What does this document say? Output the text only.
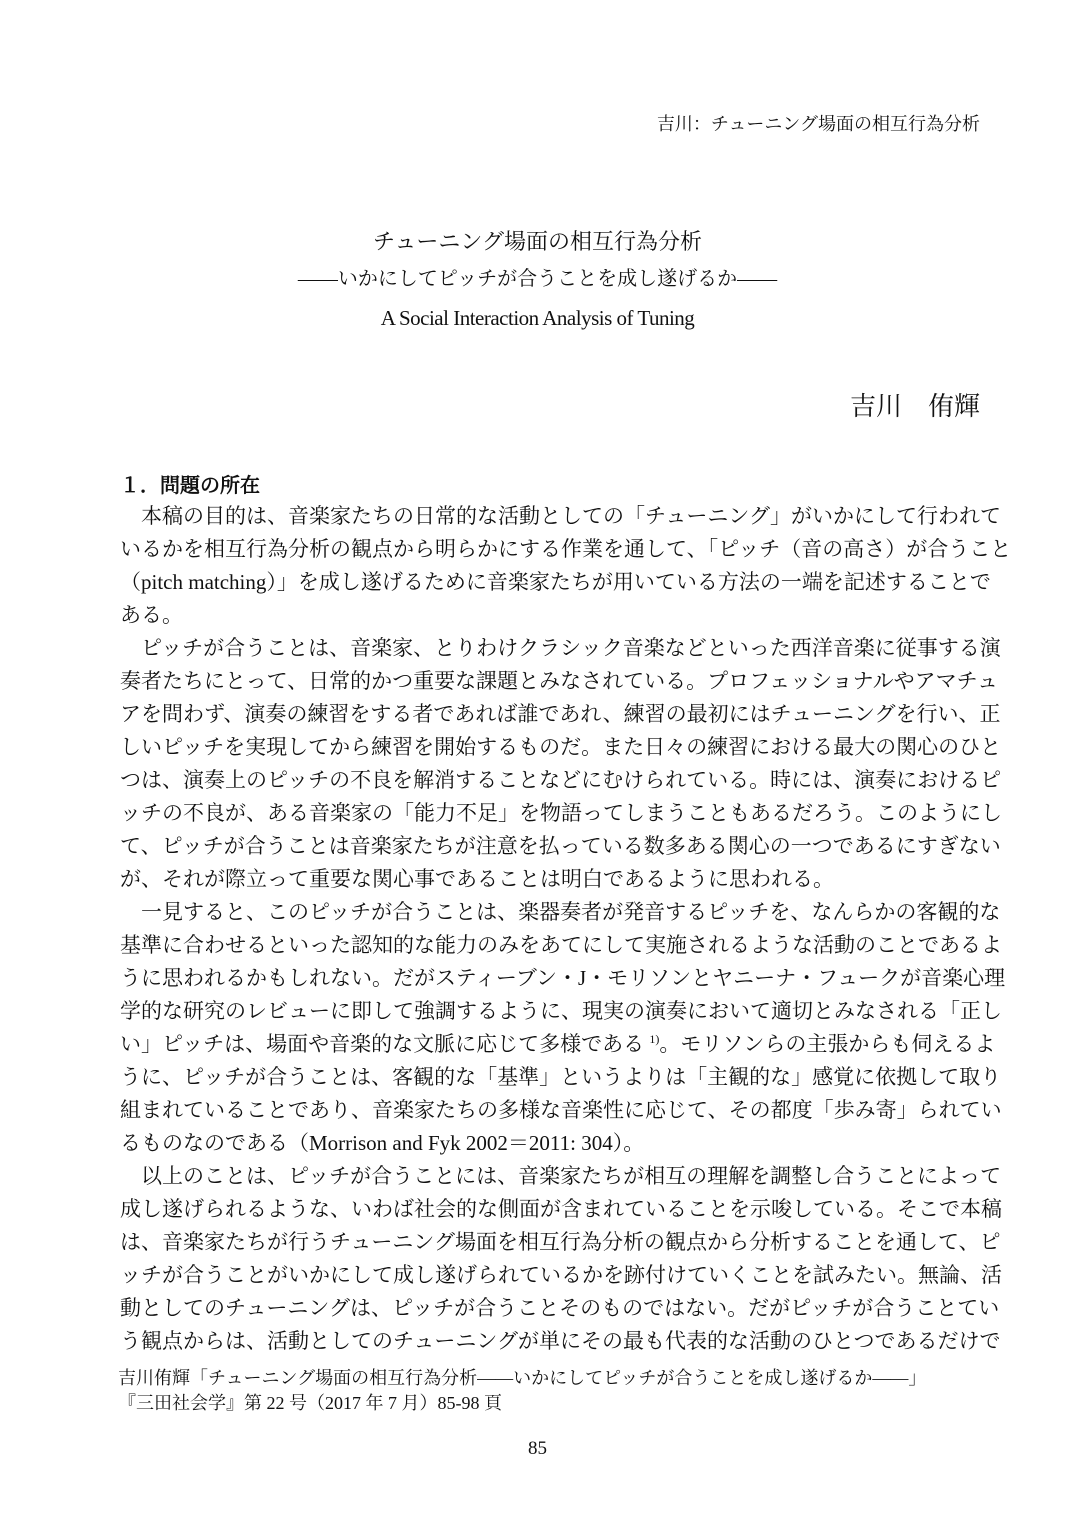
吉川：チューニング場面の相互行為分析
チューニング場面の相互行為分析
――いかにしてピッチが合うことを成し遂げるか――
A Social Interaction Analysis of Tuning
吉川　侑輝
１．問題の所在
　本稿の目的は、音楽家たちの日常的な活動としての「チューニング」がいかにして行われて
いるかを相互行為分析の観点から明らかにする作業を通して、「ピッチ（音の高さ）が合うこと
（pitch matching）」を成し遂げるために音楽家たちが用いている方法の一端を記述することで
ある。
　ピッチが合うことは、音楽家、とりわけクラシック音楽などといった西洋音楽に従事する演
奏者たちにとって、日常的かつ重要な課題とみなされている。プロフェッショナルやアマチュ
アを問わず、演奏の練習をする者であれば誰であれ、練習の最初にはチューニングを行い、正
しいピッチを実現してから練習を開始するものだ。また日々の練習における最大の関心のひと
つは、演奏上のピッチの不良を解消することなどにむけられている。時には、演奏におけるピ
ッチの不良が、ある音楽家の「能力不足」を物語ってしまうこともあるだろう。このようにし
て、ピッチが合うことは音楽家たちが注意を払っている数多ある関心の一つであるにすぎない
が、それが際立って重要な関心事であることは明白であるように思われる。
　一見すると、このピッチが合うことは、楽器奏者が発音するピッチを、なんらかの客観的な
基準に合わせるといった認知的な能力のみをあてにして実施されるような活動のことであるよ
うに思われるかもしれない。だがスティーブン・J・モリソンとヤニーナ・フュークが音楽心理
学的な研究のレビューに即して強調するように、現実の演奏において適切とみなされる「正し
い」ピッチは、場面や音楽的な文脈に応じて多様である $^{1)}$。モリソンらの主張からも伺えるよ
うに、ピッチが合うことは、客観的な「基準」というよりは「主観的な」感覚に依拠して取り
組まれていることであり、音楽家たちの多様な音楽性に応じて、その都度「歩み寄」られてい
るものなのである（Morrison and Fyk 2002＝2011: 304）。
　以上のことは、ピッチが合うことには、音楽家たちが相互の理解を調整し合うことによって
成し遂げられるような、いわば社会的な側面が含まれていることを示唆している。そこで本稿
は、音楽家たちが行うチューニング場面を相互行為分析の観点から分析することを通して、ピ
ッチが合うことがいかにして成し遂げられているかを跡付けていくことを試みたい。無論、活
動としてのチューニングは、ピッチが合うことそのものではない。だがピッチが合うことてい
う観点からは、活動としてのチューニングが単にその最も代表的な活動のひとつであるだけで
吉川侑輝「チューニング場面の相互行為分析――いかにしてピッチが合うことを成し遂げるか――」
『三田社会学』第 22 号（2017 年 7 月）85-98 頁
85
